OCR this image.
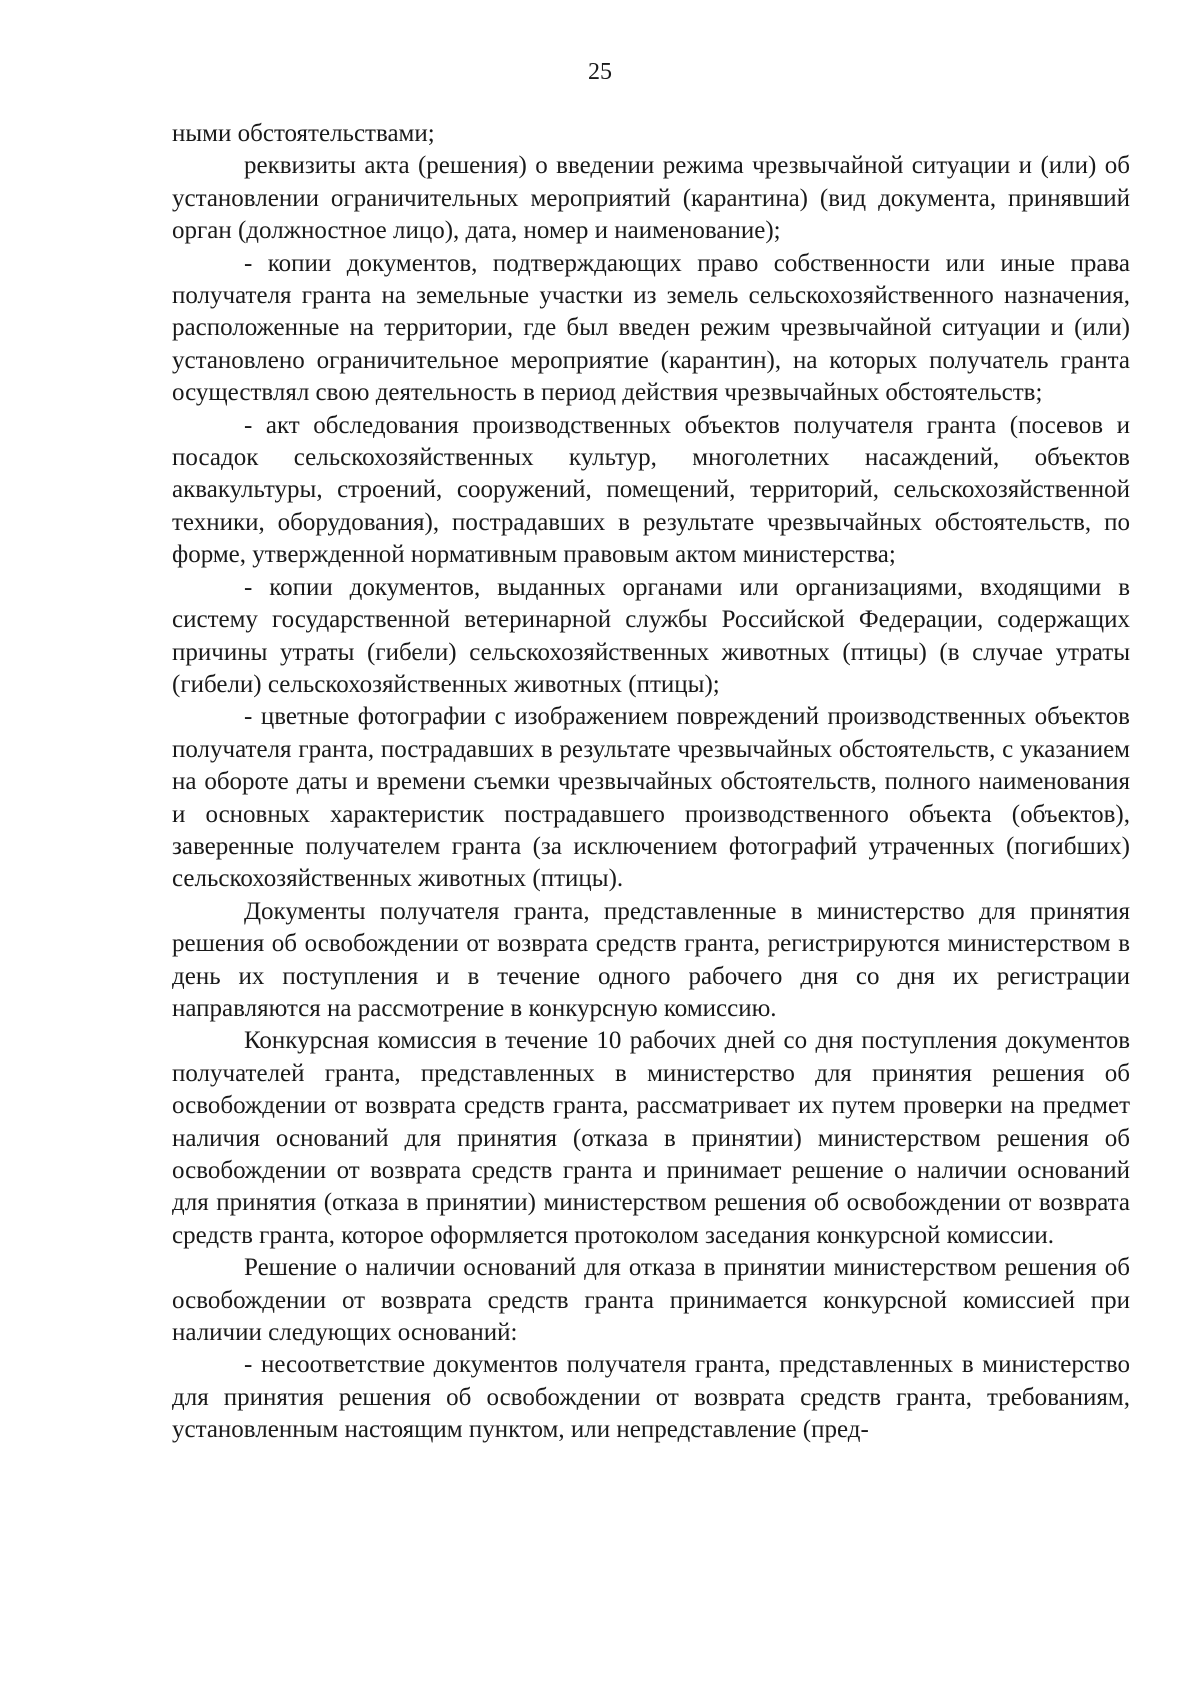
25

ными обстоятельствами;

реквизиты акта (решения) о введении режима чрезвычайной ситуации и (или) об установлении ограничительных мероприятий (карантина) (вид документа, принявший орган (должностное лицо), дата, номер и наименование);

- копии документов, подтверждающих право собственности или иные права получателя гранта на земельные участки из земель сельскохозяйственного назначения, расположенные на территории, где был введен режим чрезвычайной ситуации и (или) установлено ограничительное мероприятие (карантин), на которых получатель гранта осуществлял свою деятельность в период действия чрезвычайных обстоятельств;

- акт обследования производственных объектов получателя гранта (посевов и посадок сельскохозяйственных культур, многолетних насаждений, объектов аквакультуры, строений, сооружений, помещений, территорий, сельскохозяйственной техники, оборудования), пострадавших в результате чрезвычайных обстоятельств, по форме, утвержденной нормативным правовым актом министерства;

- копии документов, выданных органами или организациями, входящими в систему государственной ветеринарной службы Российской Федерации, содержащих причины утраты (гибели) сельскохозяйственных животных (птицы) (в случае утраты (гибели) сельскохозяйственных животных (птицы);

- цветные фотографии с изображением повреждений производственных объектов получателя гранта, пострадавших в результате чрезвычайных обстоятельств, с указанием на обороте даты и времени съемки чрезвычайных обстоятельств, полного наименования и основных характеристик пострадавшего производственного объекта (объектов), заверенные получателем гранта (за исключением фотографий утраченных (погибших) сельскохозяйственных животных (птицы).

Документы получателя гранта, представленные в министерство для принятия решения об освобождении от возврата средств гранта, регистрируются министерством в день их поступления и в течение одного рабочего дня со дня их регистрации направляются на рассмотрение в конкурсную комиссию.

Конкурсная комиссия в течение 10 рабочих дней со дня поступления документов получателей гранта, представленных в министерство для принятия решения об освобождении от возврата средств гранта, рассматривает их путем проверки на предмет наличия оснований для принятия (отказа в принятии) министерством решения об освобождении от возврата средств гранта и принимает решение о наличии оснований для принятия (отказа в принятии) министерством решения об освобождении от возврата средств гранта, которое оформляется протоколом заседания конкурсной комиссии.

Решение о наличии оснований для отказа в принятии министерством решения об освобождении от возврата средств гранта принимается конкурсной комиссией при наличии следующих оснований:

- несоответствие документов получателя гранта, представленных в министерство для принятия решения об освобождении от возврата средств гранта, требованиям, установленным настоящим пунктом, или непредставление (пред-
